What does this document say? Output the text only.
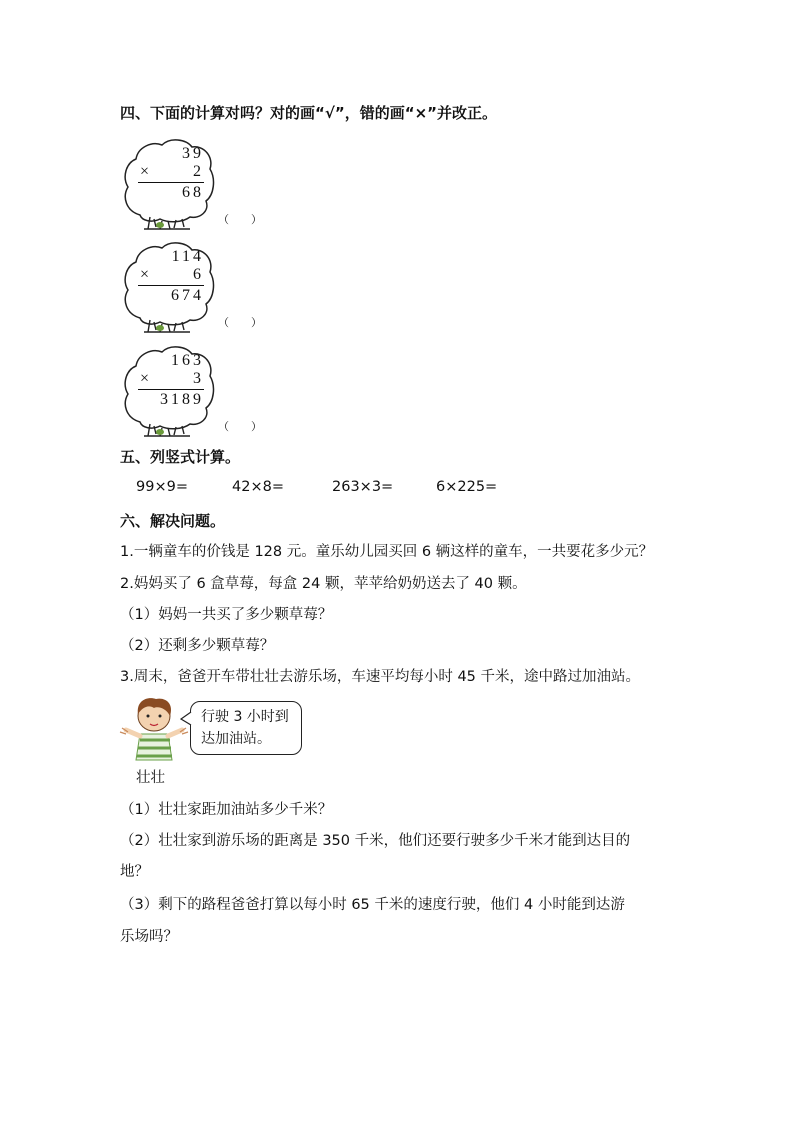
四、下面的计算对吗？对的画“√”，错的画“×”并改正。
39
×	2
68
（　　）
114
×	6
674
（　　）
163
×	3
3189
（　　）
五、列竖式计算。
99×9=	42×8=	263×3=	6×225=
六、解决问题。
1.一辆童车的价钱是 128 元。童乐幼儿园买回 6 辆这样的童车，一共要花多少元？
2.妈妈买了 6 盒草莓，每盒 24 颗，苹苹给奶奶送去了 40 颗。
（1）妈妈一共买了多少颗草莓？
（2）还剩多少颗草莓？
3.周末，爸爸开车带壮壮去游乐场，车速平均每小时 45 千米，途中路过加油站。
行驶 3 小时到
达加油站。
壮壮
（1）壮壮家距加油站多少千米？
（2）壮壮家到游乐场的距离是 350 千米，他们还要行驶多少千米才能到达目的
地？
（3）剩下的路程爸爸打算以每小时 65 千米的速度行驶，他们 4 小时能到达游
乐场吗？
